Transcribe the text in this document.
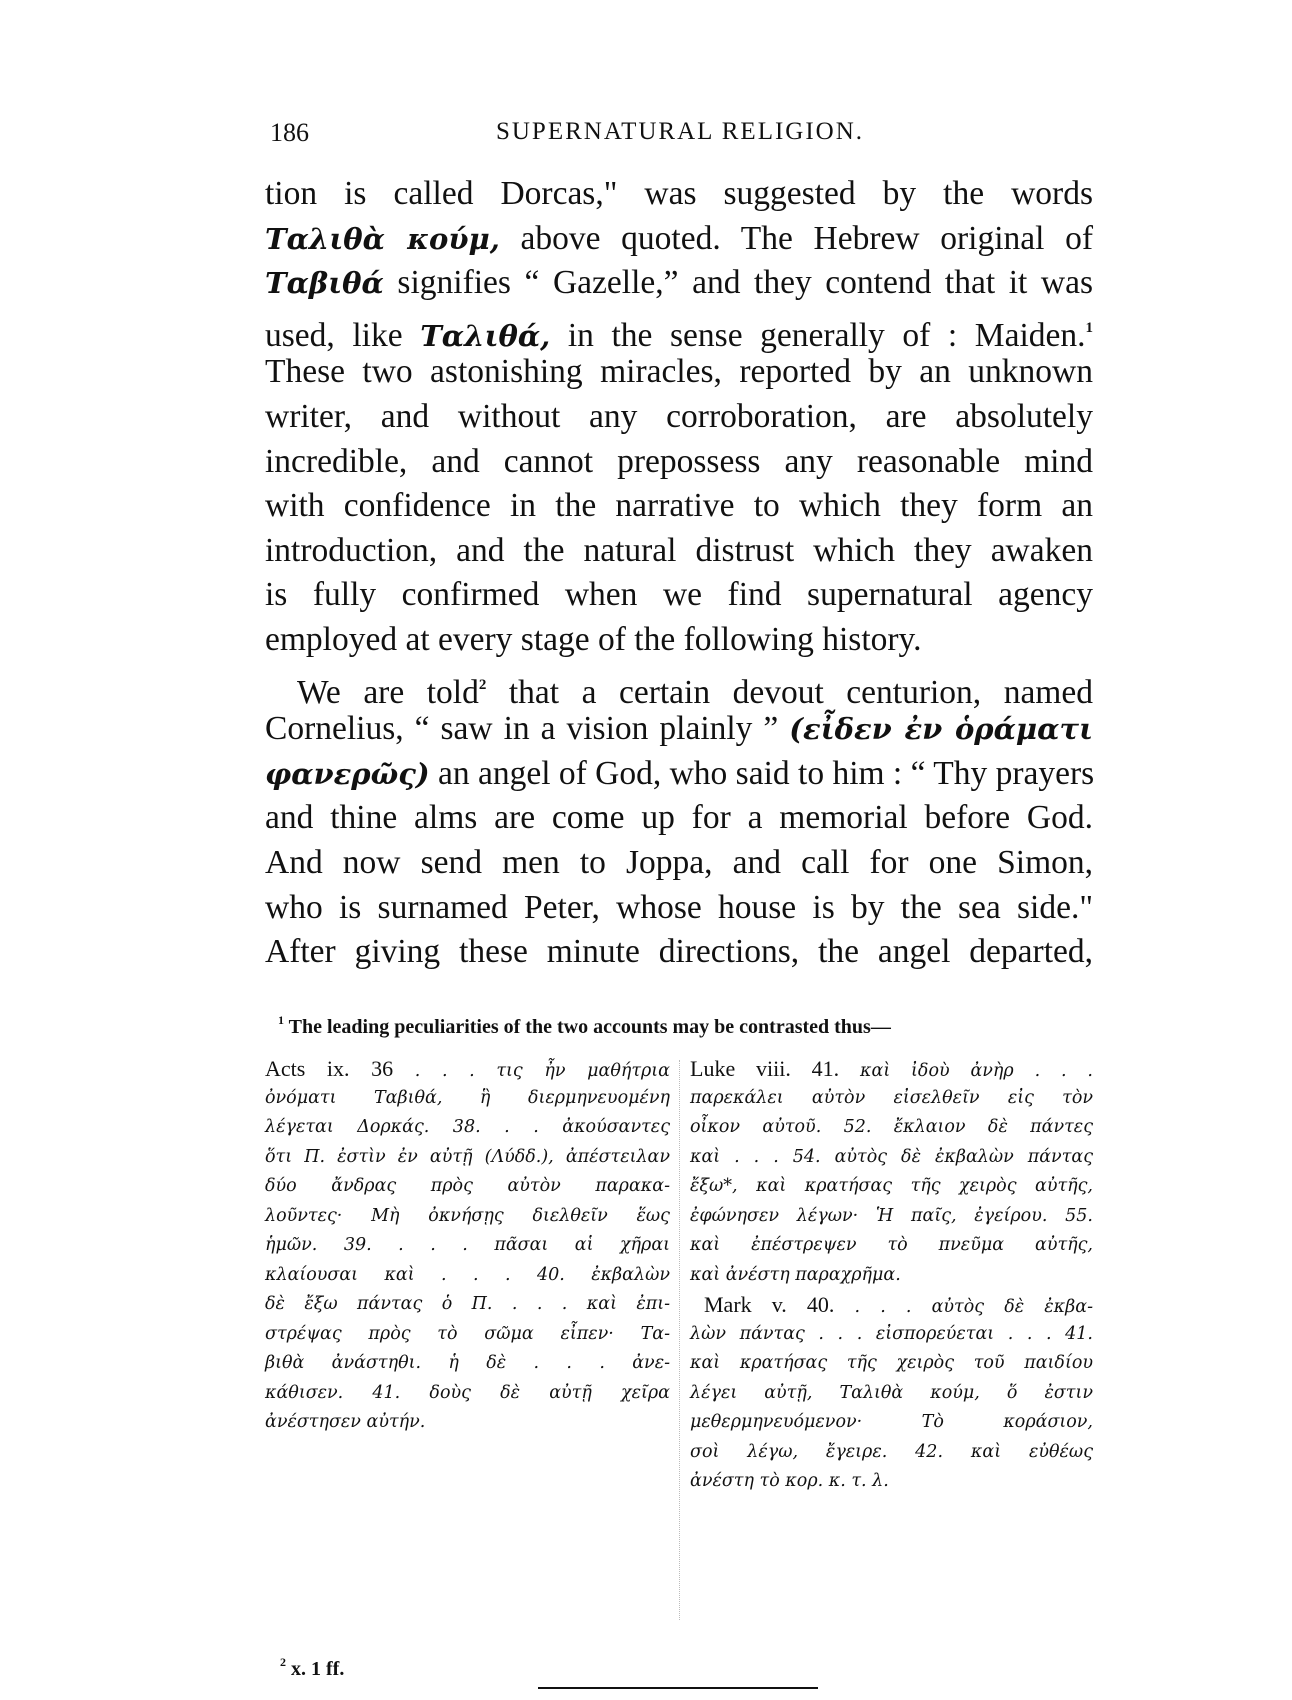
186	SUPERNATURAL RELIGION.
tion is called Dorcas," was suggested by the words
Ταλιθὰ κούμ, above quoted. The Hebrew original of
Ταβιθά signifies “ Gazelle,” and they contend that it was
used, like Ταλιθά, in the sense generally of : Maiden.$^1$
These two astonishing miracles, reported by an unknown
writer, and without any corroboration, are absolutely
incredible, and cannot prepossess any reasonable mind
with confidence in the narrative to which they form an
introduction, and the natural distrust which they awaken
is fully confirmed when we find supernatural agency
employed at every stage of the following history.
We are told$^2$ that a certain devout centurion, named
Cornelius, “ saw in a vision plainly ” (εἶδεν ἐν ὁράματι
φανερῶς) an angel of God, who said to him : “ Thy prayers
and thine alms are come up for a memorial before God.
And now send men to Joppa, and call for one Simon,
who is surnamed Peter, whose house is by the sea side."
After giving these minute directions, the angel departed,
$^1$ The leading peculiarities of the two accounts may be contrasted thus—
Acts ix. 36 . . . τις ἦν μαθήτρια
ὀνόματι Ταβιθά, ἣ διερμηνευομένη
λέγεται Δορκάς. 38. . . ἀκούσαντες
ὅτι Π. ἐστὶν ἐν αὐτῇ (Λύδδ.), ἀπέστειλαν
δύο ἄνδρας πρὸς αὐτὸν παρακα-
λοῦντες· Μὴ ὀκνήσῃς διελθεῖν ἕως
ἡμῶν. 39. . . . πᾶσαι αἱ χῆραι
κλαίουσαι καὶ . . . 40. ἐκβαλὼν
δὲ ἔξω πάντας ὁ Π. . . . καὶ ἐπι-
στρέψας πρὸς τὸ σῶμα εἶπεν· Τα-
βιθὰ ἀνάστηθι. ἡ δὲ . . . ἀνε-
κάθισεν. 41. δοὺς δὲ αὐτῇ χεῖρα
ἀνέστησεν αὐτήν.
Luke viii. 41. καὶ ἰδοὺ ἀνὴρ . . .
παρεκάλει αὐτὸν εἰσελθεῖν εἰς τὸν
οἶκον αὐτοῦ. 52. ἔκλαιον δὲ πάντες
καὶ . . . 54. αὐτὸς δὲ ἐκβαλὼν πάντας
ἔξω*, καὶ κρατήσας τῆς χειρὸς αὐτῆς,
ἐφώνησεν λέγων· Ἡ παῖς, ἐγείρου. 55.
καὶ ἐπέστρεψεν τὸ πνεῦμα αὐτῆς,
καὶ ἀνέστη παραχρῆμα.
Mark v. 40. . . . αὐτὸς δὲ ἐκβα-
λὼν πάντας . . . εἰσπορεύεται . . . 41.
καὶ κρατήσας τῆς χειρὸς τοῦ παιδίου
λέγει αὐτῇ, Ταλιθὰ κούμ, ὅ ἐστιν
μεθερμηνευόμενον· Τὸ κοράσιον,
σοὶ λέγω, ἔγειρε. 42. καὶ εὐθέως
ἀνέστη τὸ κορ. κ. τ. λ.
$^2$ x. 1 ff.
